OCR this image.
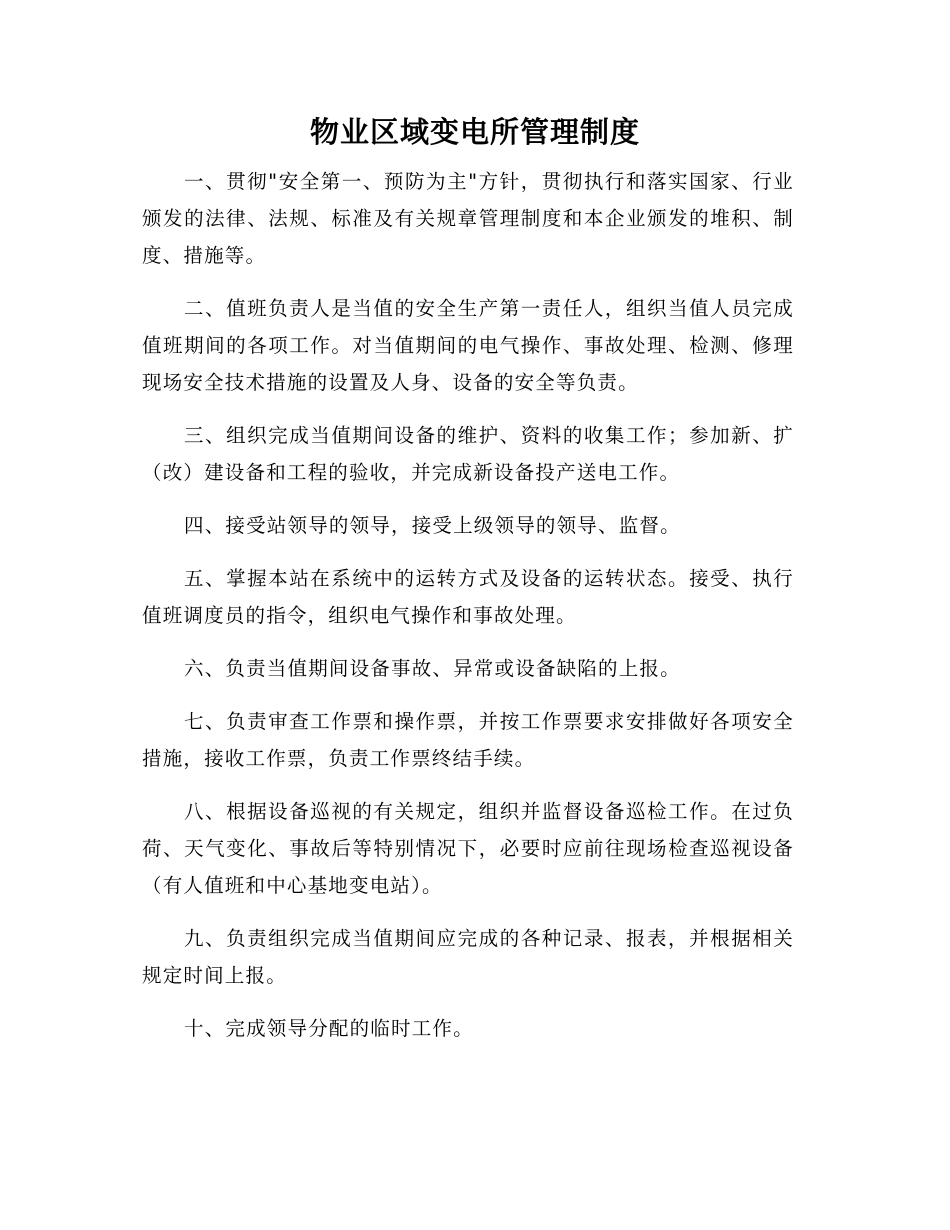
物业区域变电所管理制度

一、贯彻"安全第一、预防为主"方针，贯彻执行和落实国家、行业颁发的法律、法规、标准及有关规章管理制度和本企业颁发的堆积、制度、措施等。

二、值班负责人是当值的安全生产第一责任人，组织当值人员完成值班期间的各项工作。对当值期间的电气操作、事故处理、检测、修理现场安全技术措施的设置及人身、设备的安全等负责。

三、组织完成当值期间设备的维护、资料的收集工作；参加新、扩（改）建设备和工程的验收，并完成新设备投产送电工作。

四、接受站领导的领导，接受上级领导的领导、监督。

五、掌握本站在系统中的运转方式及设备的运转状态。接受、执行值班调度员的指令，组织电气操作和事故处理。

六、负责当值期间设备事故、异常或设备缺陷的上报。

七、负责审查工作票和操作票，并按工作票要求安排做好各项安全措施，接收工作票，负责工作票终结手续。

八、根据设备巡视的有关规定，组织并监督设备巡检工作。在过负荷、天气变化、事故后等特别情况下，必要时应前往现场检查巡视设备（有人值班和中心基地变电站）。

九、负责组织完成当值期间应完成的各种记录、报表，并根据相关规定时间上报。

十、完成领导分配的临时工作。
